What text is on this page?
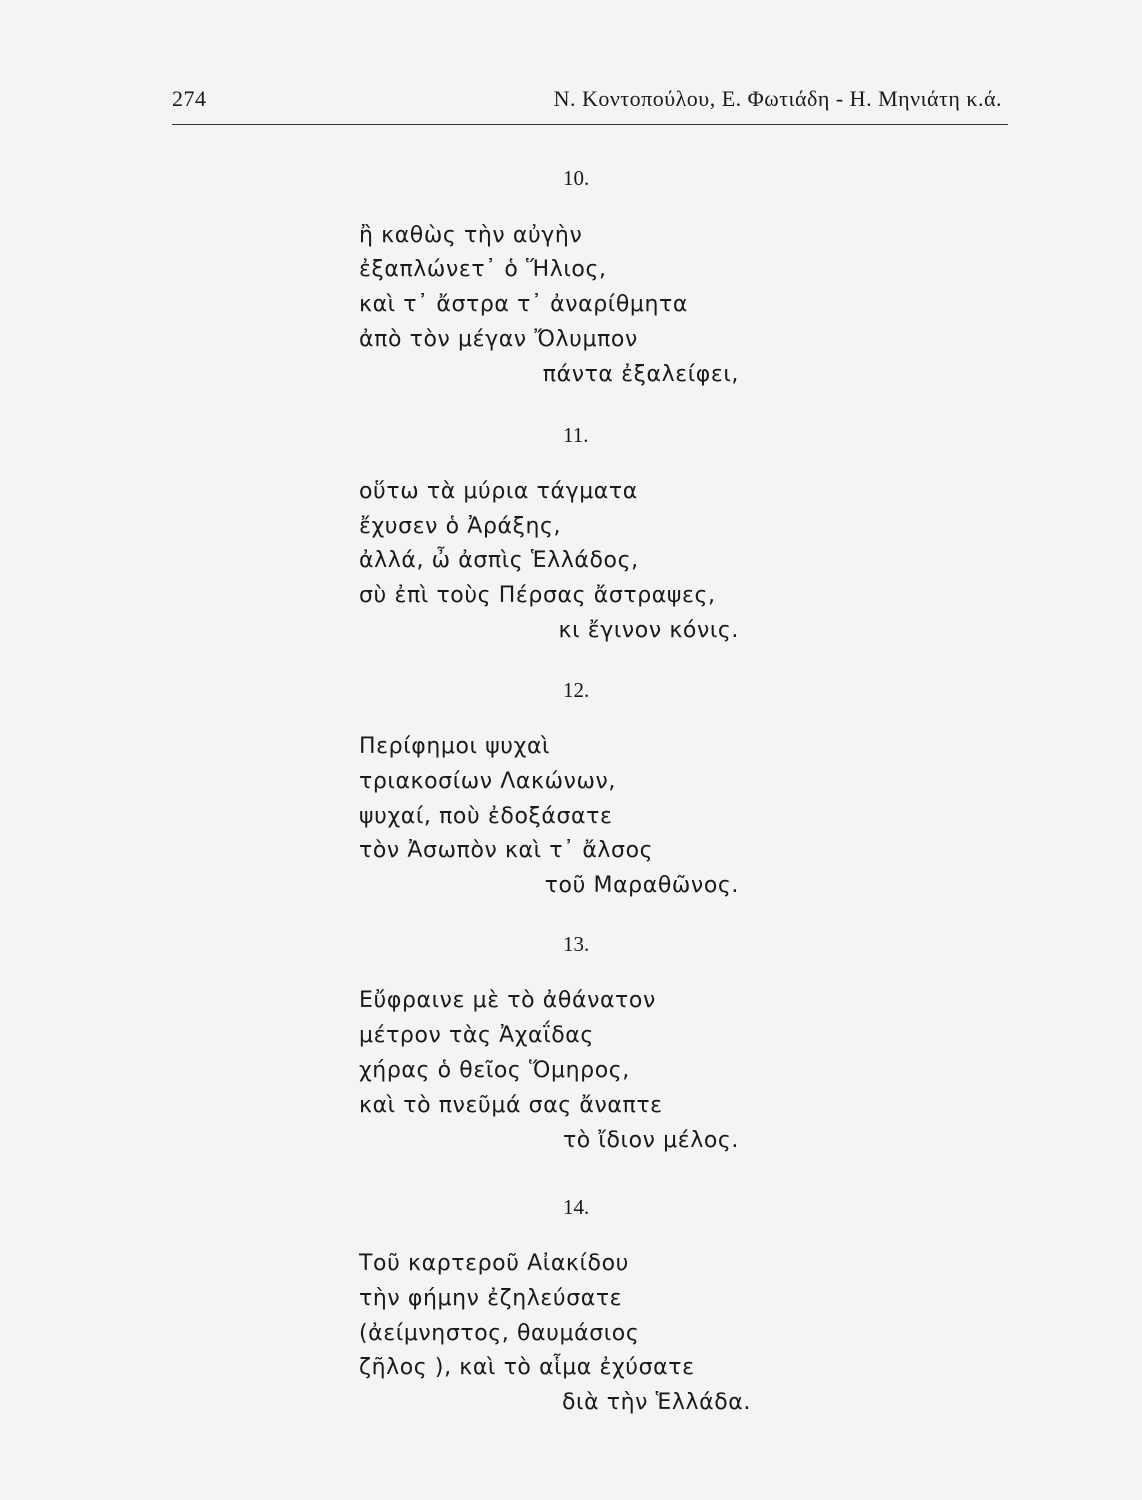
274	Ν. Κοντοπούλου, Ε. Φωτιάδη - Η. Μηνιάτη κ.ά.
10.
ἢ καθὼς τὴν αὐγὴν
ἐξαπλώνετ᾽ ὁ Ἥλιος,
καὶ τ᾽ ἄστρα τ᾽ ἀναρίθμητα
ἀπὸ τὸν μέγαν Ὄλυμπον
πάντα ἐξαλείφει,
11.
οὕτω τὰ μύρια τάγματα
ἔχυσεν ὁ Ἀράξης,
ἀλλά, ὦ ἀσπὶς Ἑλλάδος,
σὺ ἐπὶ τοὺς Πέρσας ἄστραψες,
κι ἔγινον κόνις.
12.
Περίφημοι ψυχαὶ
τριακοσίων Λακώνων,
ψυχαί, ποὺ ἐδοξάσατε
τὸν Ἀσωπὸν καὶ τ᾽ ἄλσος
τοῦ Μαραθῶνος.
13.
Εὔφραινε μὲ τὸ ἀθάνατον
μέτρον τὰς Ἀχαΐδας
χήρας ὁ θεῖος Ὅμηρος,
καὶ τὸ πνεῦμά σας ἄναπτε
τὸ ἴδιον μέλος.
14.
Τοῦ καρτεροῦ Αἰακίδου
τὴν φήμην ἐζηλεύσατε
(ἀείμνηστος, θαυμάσιος
ζῆλος ), καὶ τὸ αἷμα ἐχύσατε
διὰ τὴν Ἑλλάδα.
